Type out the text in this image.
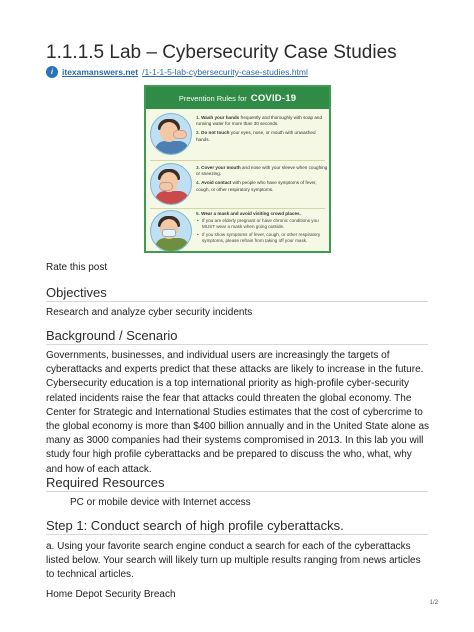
1.1.1.5 Lab – Cybersecurity Case Studies
i	itexamanswers.net /1-1-1-5-lab-cybersecurity-case-studies.html
Prevention Rules for COVID-19

1. Wash your hands frequently and thoroughly with soap and running water for more than 30 seconds.

2. Do not touch your eyes, nose, or mouth with unwashed hands.

3. Cover your mouth and nose with your sleeve when coughing or sneezing.

4. Avoid contact with people who have symptoms of fever, cough, or other respiratory symptoms.

5. Wear a mask and avoid visiting crowd places.

• If you are elderly pregnant or have chronic conditions you MUST wear a mask when going outside.

• If you show symptoms of fever, cough, or other respiratory symptoms, please refrain from taking off your mask.

Rate this post
Objectives

Research and analyze cyber security incidents

Background / Scenario

Governments, businesses, and individual users are increasingly the targets of cyberattacks and experts predict that these attacks are likely to increase in the future. Cybersecurity education is a top international priority as high-profile cyber-security related incidents raise the fear that attacks could threaten the global economy. The Center for Strategic and International Studies estimates that the cost of cybercrime to the global economy is more than $400 billion annually and in the United State alone as many as 3000 companies had their systems compromised in 2013. In this lab you will study four high profile cyberattacks and be prepared to discuss the who, what, why and how of each attack.

Required Resources

PC or mobile device with Internet access

Step 1: Conduct search of high profile cyberattacks.

a. Using your favorite search engine conduct a search for each of the cyberattacks listed below. Your search will likely turn up multiple results ranging from news articles to technical articles.

Home Depot Security Breach

1/2
